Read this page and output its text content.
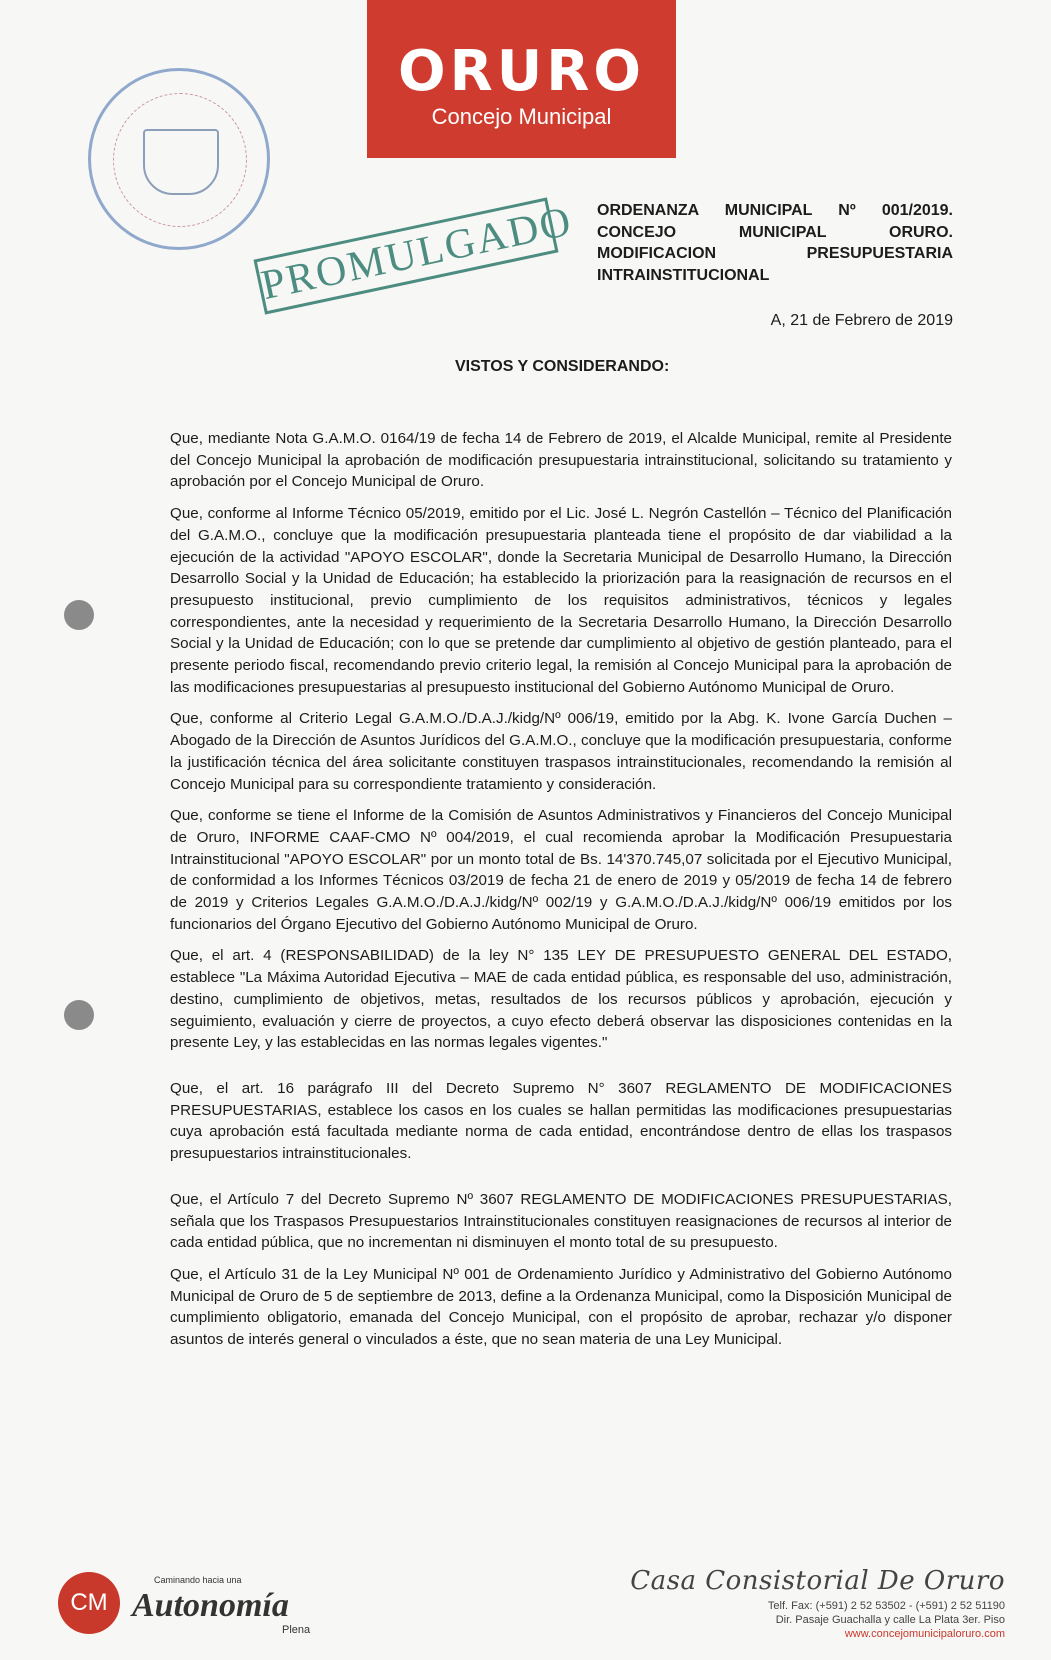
ORURO
Concejo Municipal
PROMULGADO ORDENANZA MUNICIPAL Nº 001/2019.
CONCEJO MUNICIPAL ORURO.
MODIFICACION PRESUPUESTARIA
INTRAINSTITUCIONAL
A, 21 de Febrero de 2019
VISTOS Y CONSIDERANDO:

Que, mediante Nota G.A.M.O. 0164/19 de fecha 14 de Febrero de 2019, el Alcalde Municipal, remite al Presidente del Concejo Municipal la aprobación de modificación presupuestaria intrainstitucional, solicitando su tratamiento y aprobación por el Concejo Municipal de Oruro.

Que, conforme al Informe Técnico 05/2019, emitido por el Lic. José L. Negrón Castellón – Técnico del Planificación del G.A.M.O., concluye que la modificación presupuestaria planteada tiene el propósito de dar viabilidad a la ejecución de la actividad "APOYO ESCOLAR", donde la Secretaria Municipal de Desarrollo Humano, la Dirección Desarrollo Social y la Unidad de Educación; ha establecido la priorización para la reasignación de recursos en el presupuesto institucional, previo cumplimiento de los requisitos administrativos, técnicos y legales correspondientes, ante la necesidad y requerimiento de la Secretaria Desarrollo Humano, la Dirección Desarrollo Social y la Unidad de Educación; con lo que se pretende dar cumplimiento al objetivo de gestión planteado, para el presente periodo fiscal, recomendando previo criterio legal, la remisión al Concejo Municipal para la aprobación de las modificaciones presupuestarias al presupuesto institucional del Gobierno Autónomo Municipal de Oruro.

Que, conforme al Criterio Legal G.A.M.O./D.A.J./kidg/Nº 006/19, emitido por la Abg. K. Ivone García Duchen – Abogado de la Dirección de Asuntos Jurídicos del G.A.M.O., concluye que la modificación presupuestaria, conforme la justificación técnica del área solicitante constituyen traspasos intrainstitucionales, recomendando la remisión al Concejo Municipal para su correspondiente tratamiento y consideración.

Que, conforme se tiene el Informe de la Comisión de Asuntos Administrativos y Financieros del Concejo Municipal de Oruro, INFORME CAAF-CMO Nº 004/2019, el cual recomienda aprobar la Modificación Presupuestaria Intrainstitucional "APOYO ESCOLAR" por un monto total de Bs. 14'370.745,07 solicitada por el Ejecutivo Municipal, de conformidad a los Informes Técnicos 03/2019 de fecha 21 de enero de 2019 y 05/2019 de fecha 14 de febrero de 2019 y Criterios Legales G.A.M.O./D.A.J./kidg/Nº 002/19 y G.A.M.O./D.A.J./kidg/Nº 006/19 emitidos por los funcionarios del Órgano Ejecutivo del Gobierno Autónomo Municipal de Oruro.

Que, el art. 4 (RESPONSABILIDAD) de la ley N° 135 LEY DE PRESUPUESTO GENERAL DEL ESTADO, establece "La Máxima Autoridad Ejecutiva – MAE de cada entidad pública, es responsable del uso, administración, destino, cumplimiento de objetivos, metas, resultados de los recursos públicos y aprobación, ejecución y seguimiento, evaluación y cierre de proyectos, a cuyo efecto deberá observar las disposiciones contenidas en la presente Ley, y las establecidas en las normas legales vigentes."

Que, el art. 16 parágrafo III del Decreto Supremo N° 3607 REGLAMENTO DE MODIFICACIONES PRESUPUESTARIAS, establece los casos en los cuales se hallan permitidas las modificaciones presupuestarias cuya aprobación está facultada mediante norma de cada entidad, encontrándose dentro de ellas los traspasos presupuestarios intrainstitucionales.

Que, el Artículo 7 del Decreto Supremo Nº 3607 REGLAMENTO DE MODIFICACIONES PRESUPUESTARIAS, señala que los Traspasos Presupuestarios Intrainstitucionales constituyen reasignaciones de recursos al interior de cada entidad pública, que no incrementan ni disminuyen el monto total de su presupuesto.

Que, el Artículo 31 de la Ley Municipal Nº 001 de Ordenamiento Jurídico y Administrativo del Gobierno Autónomo Municipal de Oruro de 5 de septiembre de 2013, define a la Ordenanza Municipal, como la Disposición Municipal de cumplimiento obligatorio, emanada del Concejo Municipal, con el propósito de aprobar, rechazar y/o disponer asuntos de interés general o vinculados a éste, que no sean materia de una Ley Municipal.

CM
Caminando hacia una
Autonomía
Plena
Casa Consistorial De Oruro
Telf. Fax: (+591) 2 52 53502 - (+591) 2 52 51190
Dir. Pasaje Guachalla y calle La Plata 3er. Piso
www.concejomunicipaloruro.com
